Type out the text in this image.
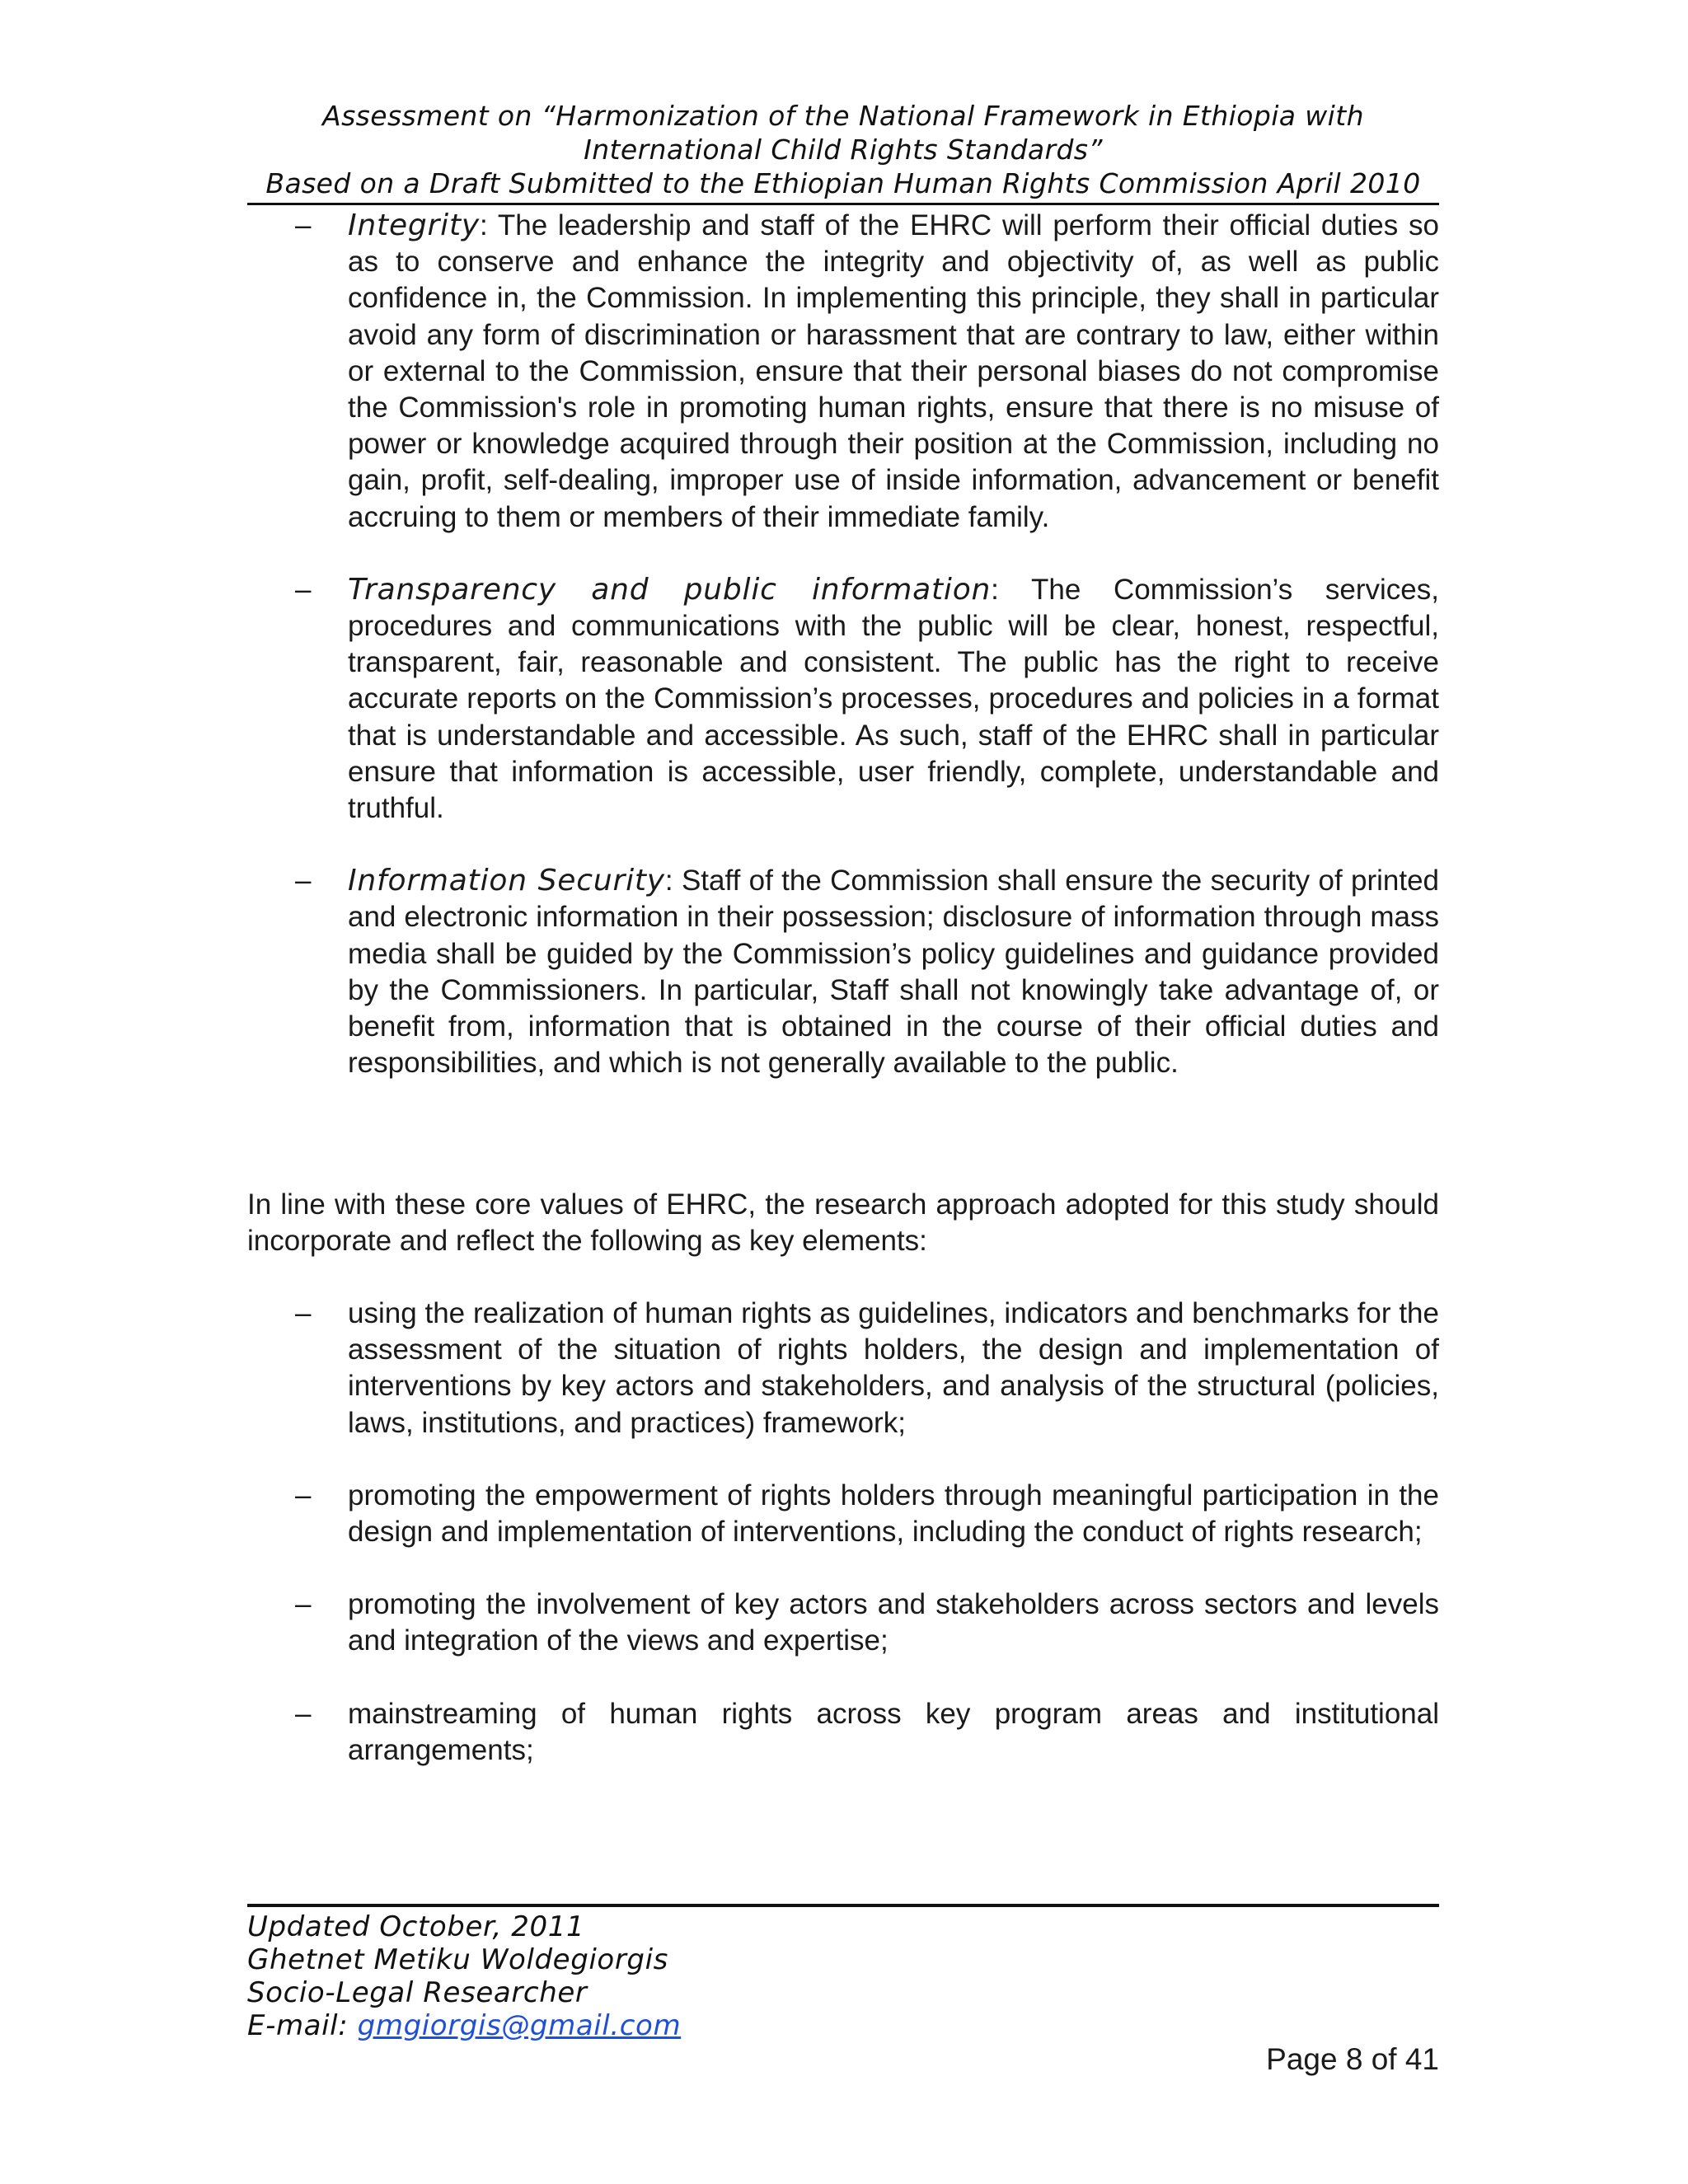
Assessment on “Harmonization of the National Framework in Ethiopia with
International Child Rights Standards”
Based on a Draft Submitted to the Ethiopian Human Rights Commission April 2010
– Integrity: The leadership and staff of the EHRC will perform their official duties so as to conserve and enhance the integrity and objectivity of, as well as public confidence in, the Commission. In implementing this principle, they shall in particular avoid any form of discrimination or harassment that are contrary to law, either within or external to the Commission, ensure that their personal biases do not compromise the Commission's role in promoting human rights, ensure that there is no misuse of power or knowledge acquired through their position at the Commission, including no gain, profit, self-dealing, improper use of inside information, advancement or benefit accruing to them or members of their immediate family.
– Transparency and public information: The Commission’s services, procedures and communications with the public will be clear, honest, respectful, transparent, fair, reasonable and consistent. The public has the right to receive accurate reports on the Commission’s processes, procedures and policies in a format that is understandable and accessible. As such, staff of the EHRC shall in particular ensure that information is accessible, user friendly, complete, understandable and truthful.
– Information Security: Staff of the Commission shall ensure the security of printed and electronic information in their possession; disclosure of information through mass media shall be guided by the Commission’s policy guidelines and guidance provided by the Commissioners. In particular, Staff shall not knowingly take advantage of, or benefit from, information that is obtained in the course of their official duties and responsibilities, and which is not generally available to the public.
In line with these core values of EHRC, the research approach adopted for this study should incorporate and reflect the following as key elements:
– using the realization of human rights as guidelines, indicators and benchmarks for the assessment of the situation of rights holders, the design and implementation of interventions by key actors and stakeholders, and analysis of the structural (policies, laws, institutions, and practices) framework;
– promoting the empowerment of rights holders through meaningful participation in the design and implementation of interventions, including the conduct of rights research;
– promoting the involvement of key actors and stakeholders across sectors and levels and integration of the views and expertise;
– mainstreaming of human rights across key program areas and institutional arrangements;
Updated October, 2011
Ghetnet Metiku Woldegiorgis
Socio-Legal Researcher
E-mail: gmgiorgis@gmail.com
Page 8 of 41
